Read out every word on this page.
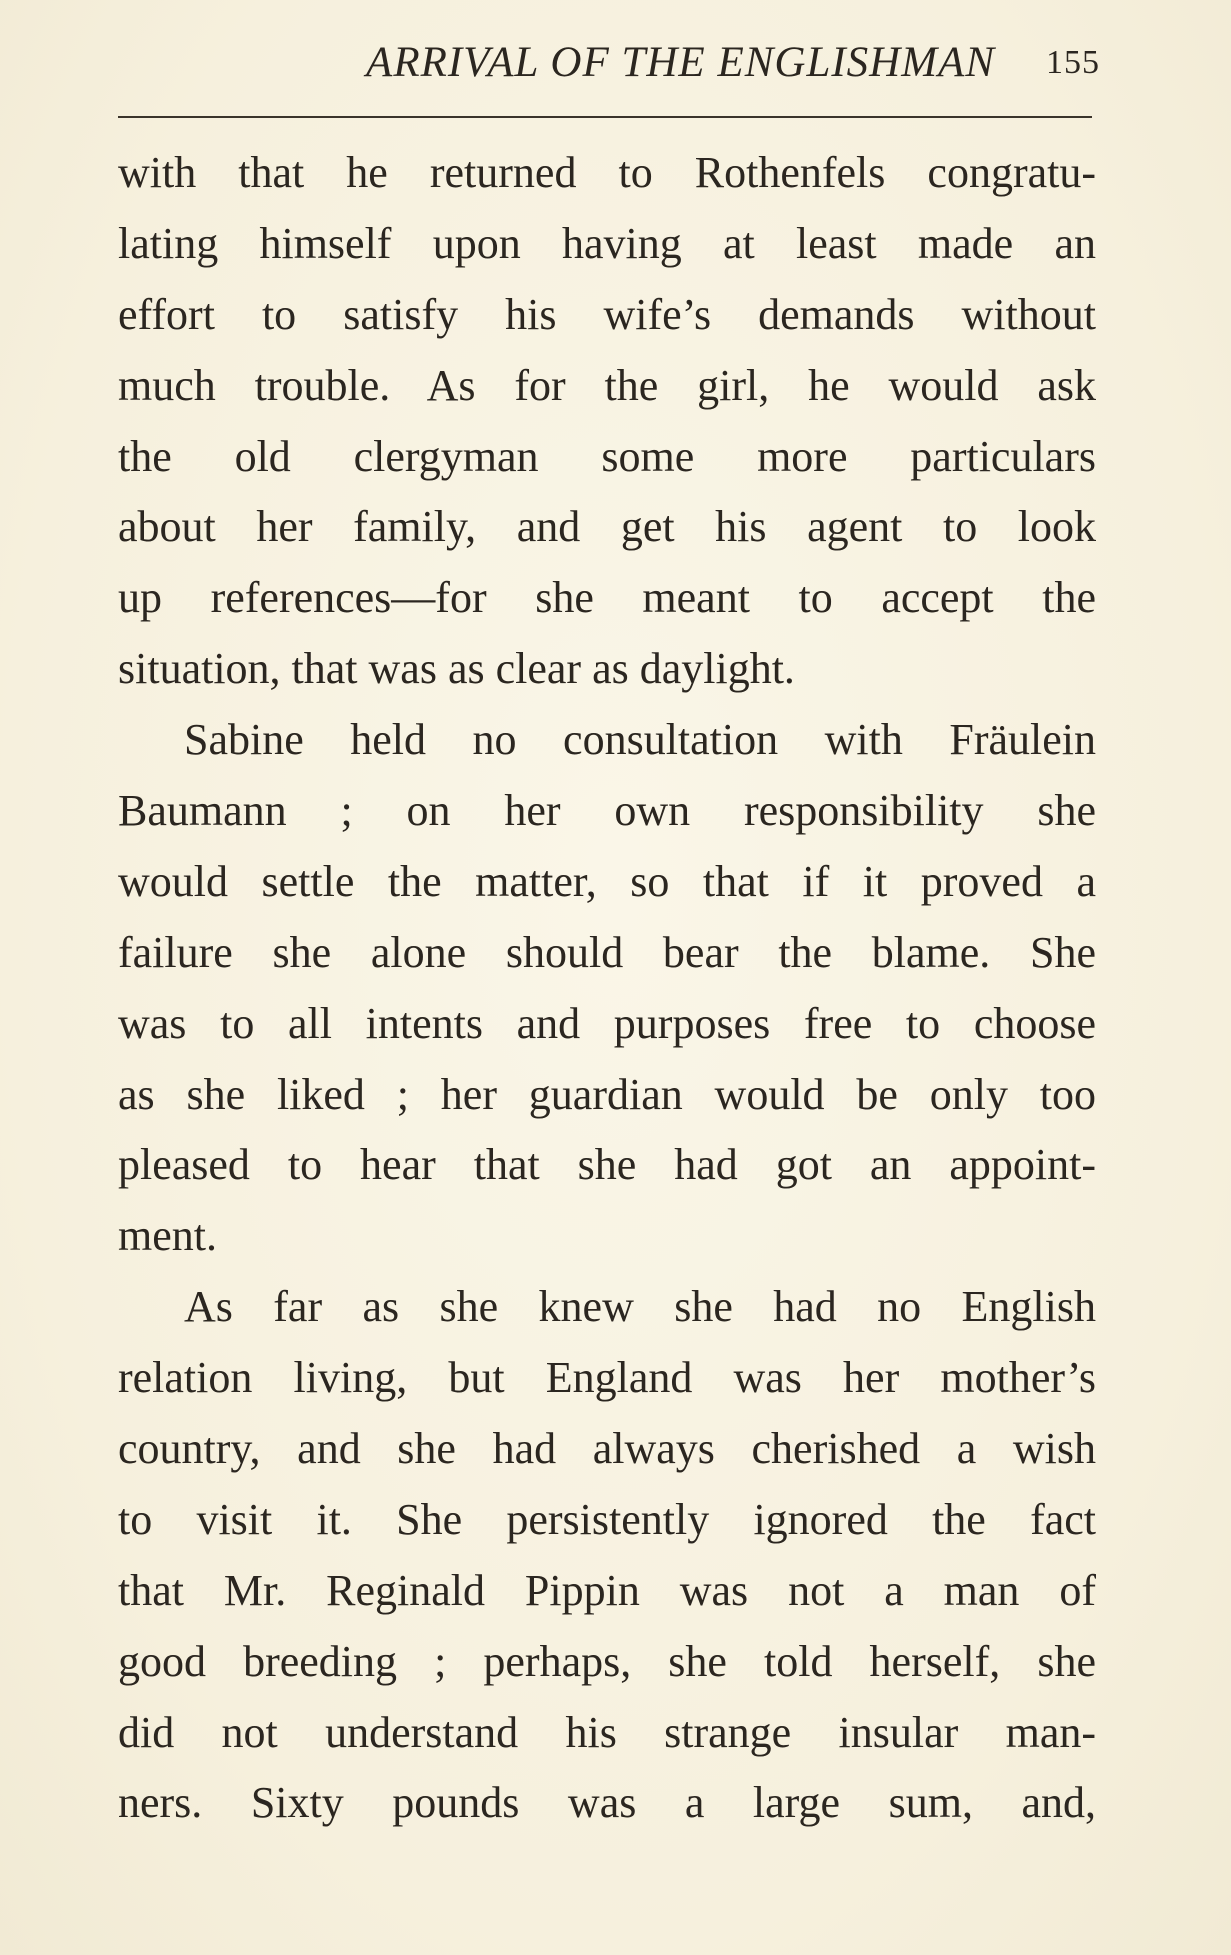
ARRIVAL OF THE ENGLISHMAN 155
with that he returned to Rothenfels congratu-
lating himself upon having at least made an
effort to satisfy his wife’s demands without
much trouble. As for the girl, he would ask
the old clergyman some more particulars
about her family, and get his agent to look
up references—for she meant to accept the
situation, that was as clear as daylight.
Sabine held no consultation with Fräulein
Baumann ; on her own responsibility she
would settle the matter, so that if it proved a
failure she alone should bear the blame. She
was to all intents and purposes free to choose
as she liked ; her guardian would be only too
pleased to hear that she had got an appoint-
ment.
As far as she knew she had no English
relation living, but England was her mother’s
country, and she had always cherished a wish
to visit it. She persistently ignored the fact
that Mr. Reginald Pippin was not a man of
good breeding ; perhaps, she told herself, she
did not understand his strange insular man-
ners. Sixty pounds was a large sum, and,
